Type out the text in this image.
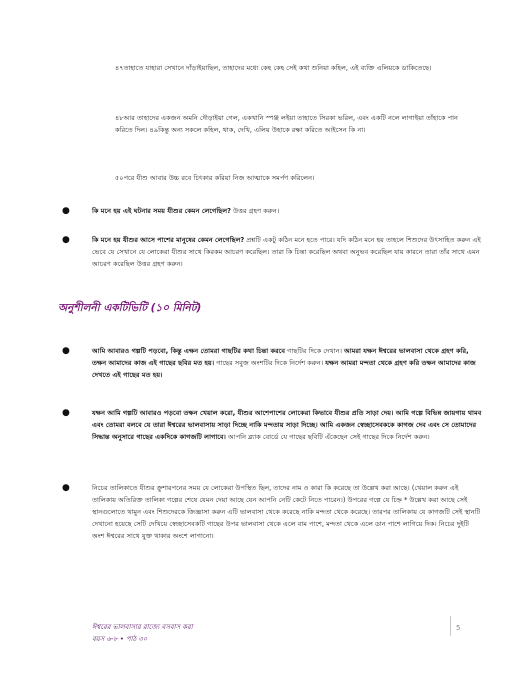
৪৭তাহাতে যাহারা সেখানে দাঁড়াইয়াছিল, তাহাদের মধ্যে কেহ কেহ সেই কথা শুনিয়া কহিল, এই ব্যক্তি এলিয়কে ডাকিতেছে।
৪৮আর তাহাদের একজন অমনি দৌড়াইয়া গেল, একখানি স্পঞ্জ লইয়া তাহাতে সিরকা ভরিল, এবং একটি নলে লাগাইয়া তাঁহাকে পান করিতে দিল। ৪৯কিন্তু অন্য সকলে কহিল, থাক, দেখি, এলিয় উহাকে রক্ষা করিতে আইসেন কি না।
৫০পরে যীশু আবার উচ্চ রবে চিৎকার করিয়া নিজ আত্মাকে সমর্পণ করিলেন।
●	কি মনে হয় এই ঘটনার সময় যীশুর কেমন লেগেছিল? উত্তর গ্রহণ করুন।
●	কি মনে হয় যীশুর আসে পাশের মানুষের কেমন লেগেছিল? প্রশ্নটি একটু কঠিন মনে হতে পারে। যদি কঠিন মনে হয় তাহলে শিশুদের উৎসাহিত করুন এই ভেবে যে সেখানে যে লোকেরা যীশুর সাথে কিরকম আচরণ করেছিল। তারা কি চিন্তা করেছিল অথবা অনুভব করেছিল যায় কারনে তারা তাঁর সাথে এমন আচরণ করেছিল উত্তর গ্রহণ করুন।
অনুশীলনী একটিভিটি (১০ মিনিট)
●	আমি আবারও গল্পটি পড়বো, কিন্তু এক্ষন তোমরা গাছটির কথা চিন্তা করবে গাছটির দিকে দেখান। আমরা যক্ষন ঈশ্বরের ভালবাসা থেকে গ্রহণ করি, তক্ষন আমাদের কাজ এই গাছের ছবির মত হয়। গাছের সবুজ অংশটির দিকে নির্দেশ করুন। যক্ষন আমরা মন্দতা থেকে গ্রহণ করি তক্ষন আমাদের কাজ দেখতে এই গাছের মত হয়।
●	যক্ষন আমি গল্পটি আবারও পড়বো তক্ষন খেয়াল করো, যীশুর আশেপাশের লোকেরা কিভাবে যীশুর প্রতি সাড়া দেয়। আমি গল্পে বিভিন্ন জায়গায় থামব এবং তোমরা বলবে যে তারা ঈশ্বরের ভালবাসায় সাড়া দিচ্ছে নাকি মন্দতায় সাড়া দিচ্ছে। আমি একজন স্বেচ্ছাসেবককে কাগজ দেব এবং সে তোমাদের সিদ্ধান্ত অনুসারে গাছের একদিকে কাগজটি লাগাবে। আপনি ব্ল্যাক বোর্ডে যে গাছের ছবিটি এঁকেছেন সেই গাছের দিকে নির্দেশ করুন।
●	নিচের তালিকাতে যীশুর ক্রুশারপনের সময় যে লোকেরা উপস্থিত ছিল, তাদের নাম ও কারা কি করেছে তা উল্লেখ করা আছে। (খেয়াল করুন এই তালিকায় অতিরিক্ত তালিকা গল্পের শেষে যেমন দেয়া আছে যেন আপনি নেটি কেটে নিতে পারেন।) উপরের গল্পে যে চিহ্ন * উল্লেখ করা আছে সেই স্থানগুলোতে থামুন এবং শিশুদেরকে জিজ্ঞাসা করুন এটি ভালবাসা থেকে করেছে নাকি মন্দতা থেকে করেছে। তারপর তালিকায় যে কাগজটি সেই স্থানটি দেখানো হয়েছে সেটি দেখিয়ে স্বেচ্ছাসেবকটি গাছের উপর ভালবাসা থেকে এলে বাম পাশে, মন্দতা থেকে এলে ডান পাশে লাগিয়ে দিক। নিচের দুইটি অংশ ঈশ্বরের সাথে যুক্ত থাকার অংশে লাগানো।
ঈশ্বরের ভালবাসার রাজ্যে বসবাস করা
বয়স ৬-৮ • পাঠ ৩০
5
